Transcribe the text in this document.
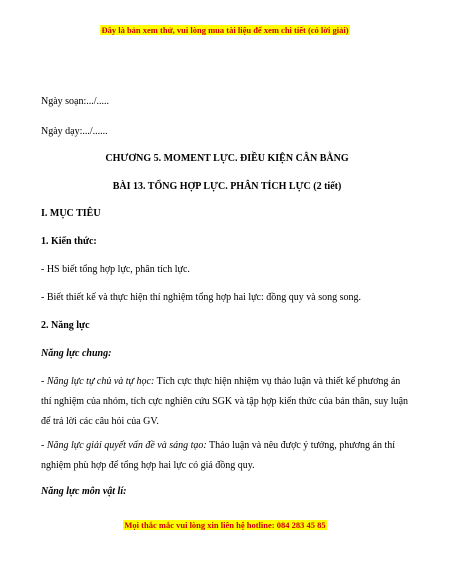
Đây là bản xem thử, vui lòng mua tài liệu để xem chi tiết (có lời giải)

Ngày soạn:.../.....

Ngày dạy:.../......

CHƯƠNG 5. MOMENT LỰC. ĐIỀU KIỆN CÂN BẰNG

BÀI 13. TỔNG HỢP LỰC. PHÂN TÍCH LỰC (2 tiết)

I. MỤC TIÊU

1. Kiến thức:

- HS biết tổng hợp lực, phân tích lực.

- Biết thiết kế và thực hiện thí nghiệm tổng hợp hai lực: đồng quy và song song.

2. Năng lực

Năng lực chung:

- Năng lực tự chủ và tự học: Tích cực thực hiện nhiệm vụ thảo luận và thiết kế phương án thí nghiệm của nhóm, tích cực nghiên cứu SGK và tập hợp kiến thức của bản thân, suy luận để trả lời các câu hỏi của GV.

- Năng lực giải quyết vấn đề và sáng tạo: Thảo luận và nêu được ý tưởng, phương án thí nghiệm phù hợp để tổng hợp hai lực có giá đồng quy.

Năng lực môn vật lí:

Mọi thắc mắc vui lòng xin liên hệ hotline: 084 283 45 85
